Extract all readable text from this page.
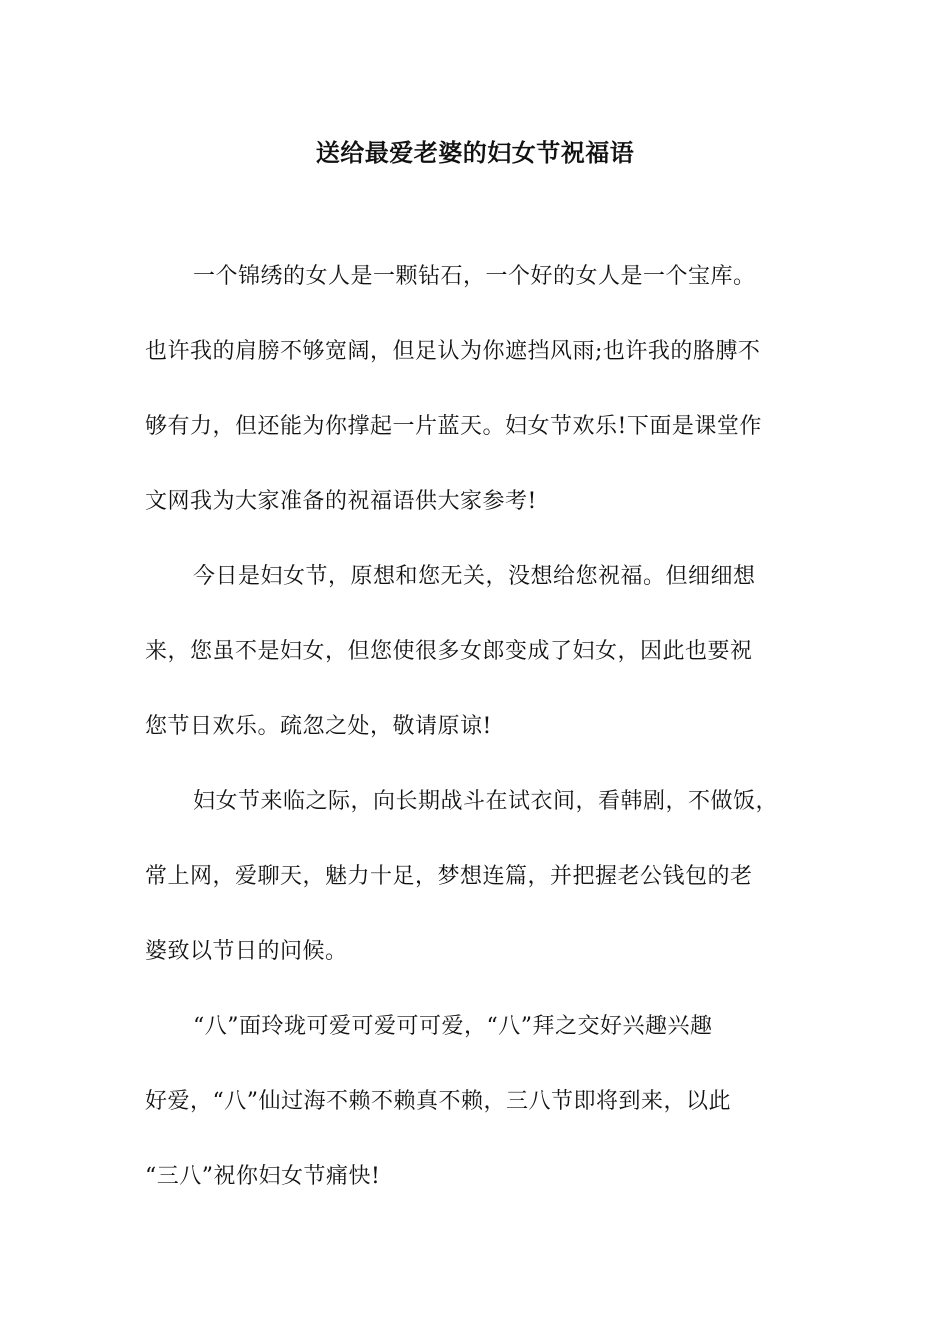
送给最爱老婆的妇女节祝福语
一个锦绣的女人是一颗钻石，一个好的女人是一个宝库。
也许我的肩膀不够宽阔，但足认为你遮挡风雨;也许我的胳膊不
够有力，但还能为你撑起一片蓝天。妇女节欢乐!下面是课堂作
文网我为大家准备的祝福语供大家参考!
今日是妇女节，原想和您无关，没想给您祝福。但细细想
来，您虽不是妇女，但您使很多女郎变成了妇女，因此也要祝
您节日欢乐。疏忽之处，敬请原谅!
妇女节来临之际，向长期战斗在试衣间，看韩剧，不做饭，
常上网，爱聊天，魅力十足，梦想连篇，并把握老公钱包的老
婆致以节日的问候。
“八”面玲珑可爱可爱可可爱，“八”拜之交好兴趣兴趣
好爱，“八”仙过海不赖不赖真不赖，三八节即将到来，以此
“三八”祝你妇女节痛快!
